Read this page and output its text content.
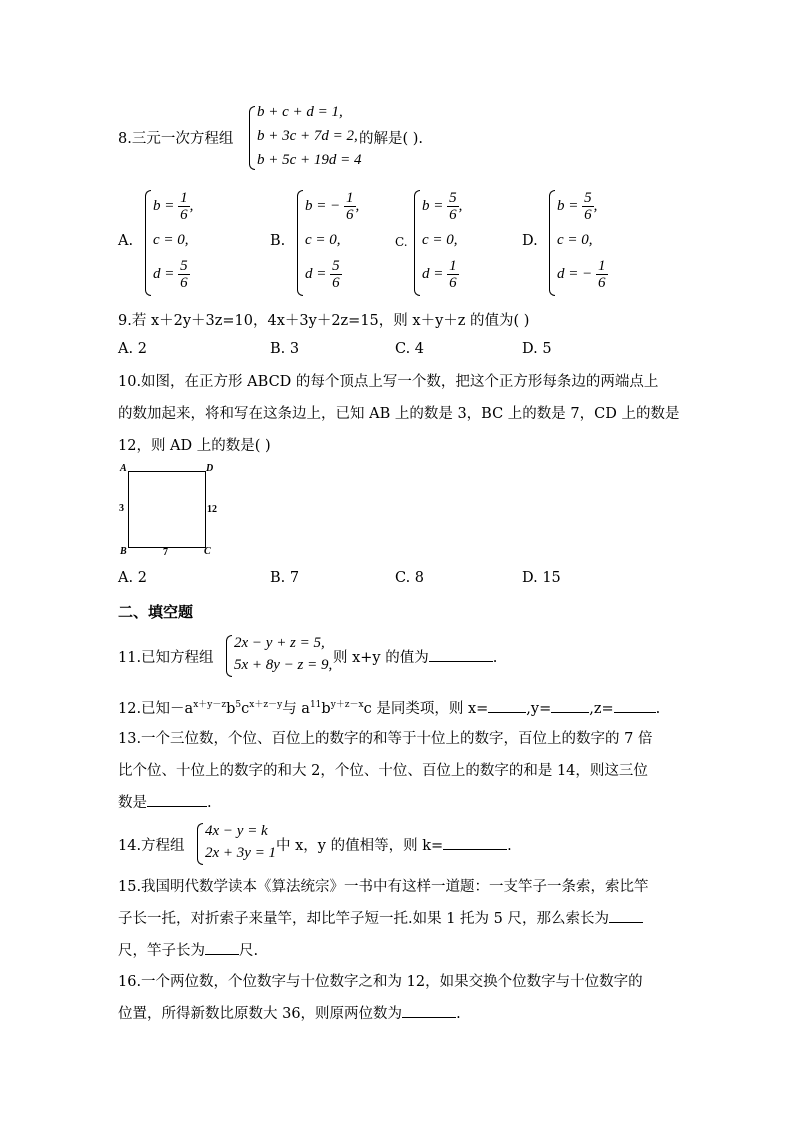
8.三元一次方程组
b + c + d = 1,
b + 3c + 7d = 2,
b + 5c + 19d = 4
的解是( ).
A.
$b = \frac{1}{6}$ ,
c = 0,
$d = \frac{5}{6}$
B.
b = − $\frac{1}{6}$ ,
c = 0,
$d = \frac{5}{6}$
C.
$b = \frac{5}{6}$ ,
c = 0,
$d = \frac{1}{6}$
D.
$b = \frac{5}{6}$ ,
c = 0,
d = − $\frac{1}{6}$
9.若 x＋2y＋3z=10，4x＋3y＋2z=15，则 x＋y＋z 的值为( )
A. 2	B. 3	C. 4	D. 5
10.如图，在正方形 ABCD 的每个顶点上写一个数，把这个正方形每条边的两端点上
的数加起来，将和写在这条边上，已知 AB 上的数是 3，BC 上的数是 7，CD 上的数是
12，则 AD 上的数是( )
A	D
B	C
3
7
12
A. 2	B. 7	C. 8	D. 15
二、填空题
11.已知方程组
2x − y + z = 5,
5x + 8y − z = 9, 则 x+y 的值为	.
12.已知$-a^{x+y-z}b^5c^{x+z-y}$与 $a^{11}b^{y+z-x}c$ 是同类项，则 x=	,y=	,z=	.
13.一个三位数，个位、百位上的数字的和等于十位上的数字，百位上的数字的 7 倍
比个位、十位上的数字的和大 2，个位、十位、百位上的数字的和是 14，则这三位
数是	.
14.方程组
4x − y = k
2x + 3y = 1 中 x，y 的值相等，则 k=	.
15.我国明代数学读本《算法统宗》一书中有这样一道题：一支竿子一条索，索比竿
子长一托，对折索子来量竿，却比竿子短一托.如果 1 托为 5 尺，那么索长为
尺，竿子长为 尺.
16.一个两位数，个位数字与十位数字之和为 12，如果交换个位数字与十位数字的
位置，所得新数比原数大 36，则原两位数为	.
